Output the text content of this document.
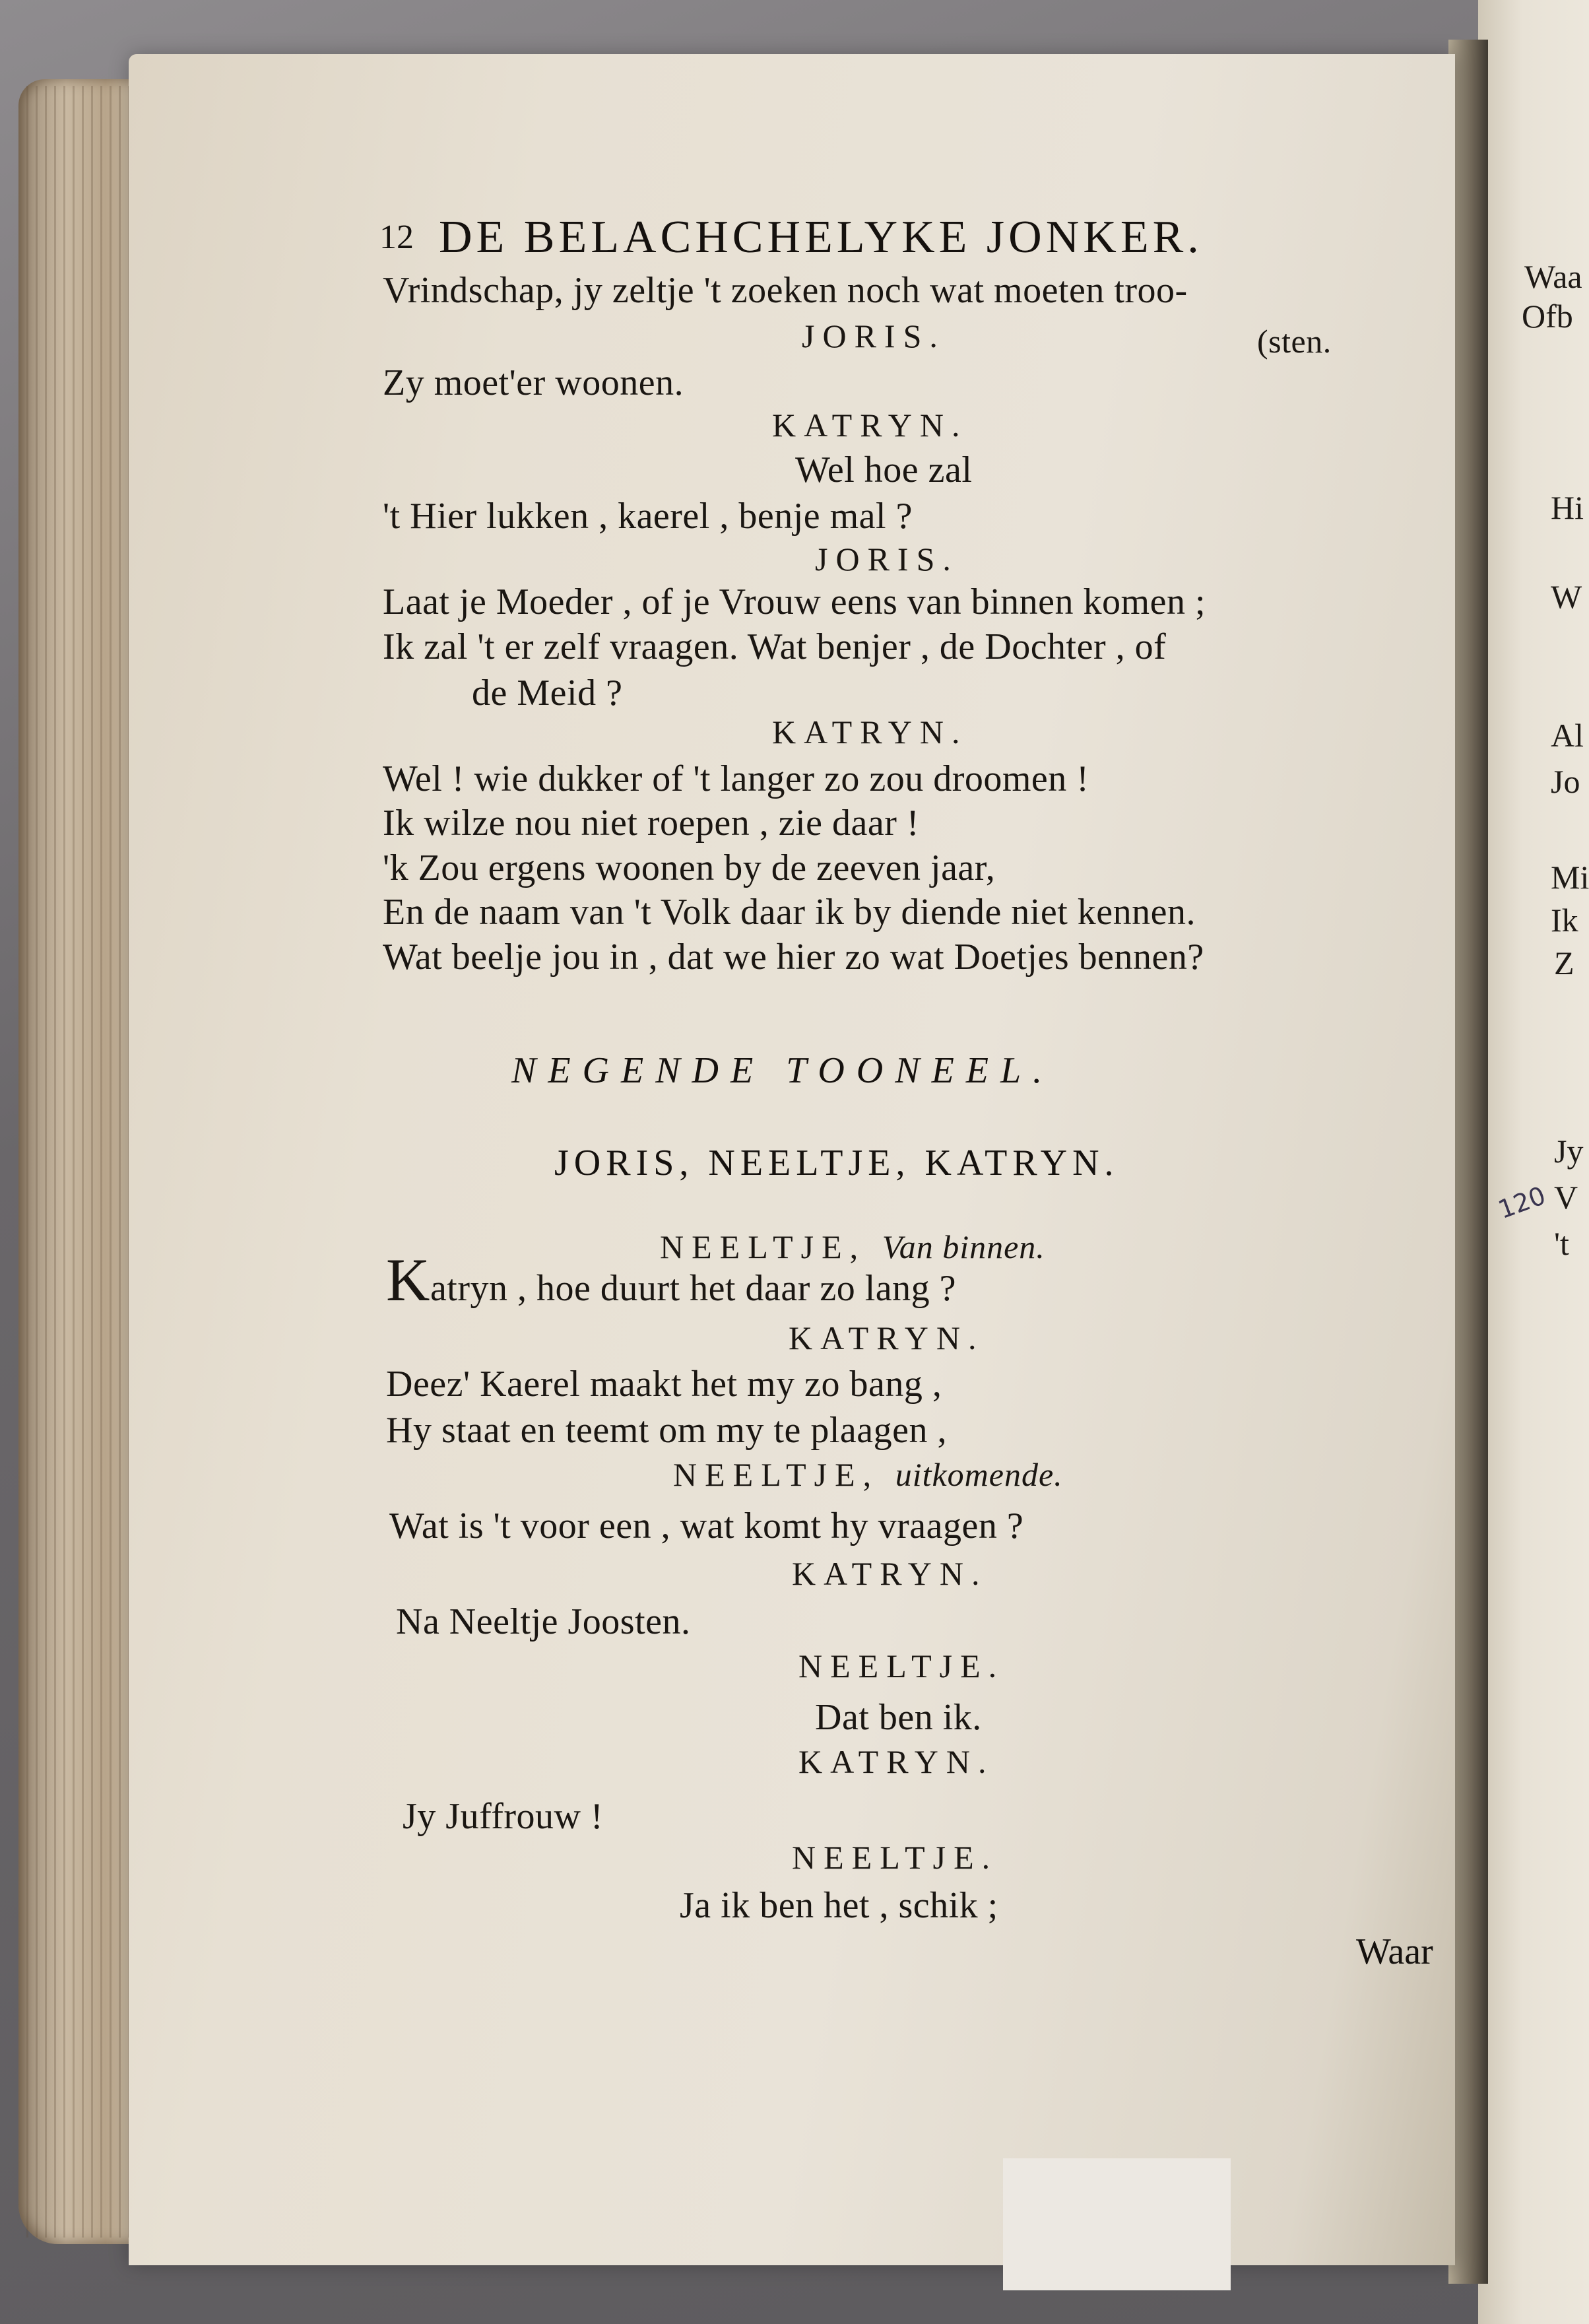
Waa
Ofb
Hi
W
Al
Jo
Mi
Ik
Z
Jy
V
't
12 DE BELACHCHELYKE JONKER.
Vrindschap, jy zeltje 't zoeken noch wat moeten troo-
JORIS.	(sten.
Zy moet'er woonen.
KATRYN.
Wel hoe zal
't Hier lukken , kaerel , benje mal ?
JORIS.
Laat je Moeder , of je Vrouw eens van binnen komen ;
Ik zal 't er zelf vraagen. Wat benjer , de Dochter , of
de Meid ?
KATRYN.
Wel ! wie dukker of 't langer zo zou droomen !
Ik wilze nou niet roepen , zie daar !
'k Zou ergens woonen by de zeeven jaar,
En de naam van 't Volk daar ik by diende niet kennen.
Wat beelje jou in , dat we hier zo wat Doetjes bennen?
NEGENDE TOONEEL.
JORIS, NEELTJE, KATRYN.
NEELTJE, Van binnen.
Katryn , hoe duurt het daar zo lang ?
KATRYN.
Deez' Kaerel maakt het my zo bang ,
Hy staat en teemt om my te plaagen ,
NEELTJE, uitkomende.
Wat is 't voor een , wat komt hy vraagen ?
KATRYN.
Na Neeltje Joosten.
NEELTJE.
Dat ben ik.
KATRYN.
Jy Juffrouw !
NEELTJE.
Ja ik ben het , schik ;
Waar
120
